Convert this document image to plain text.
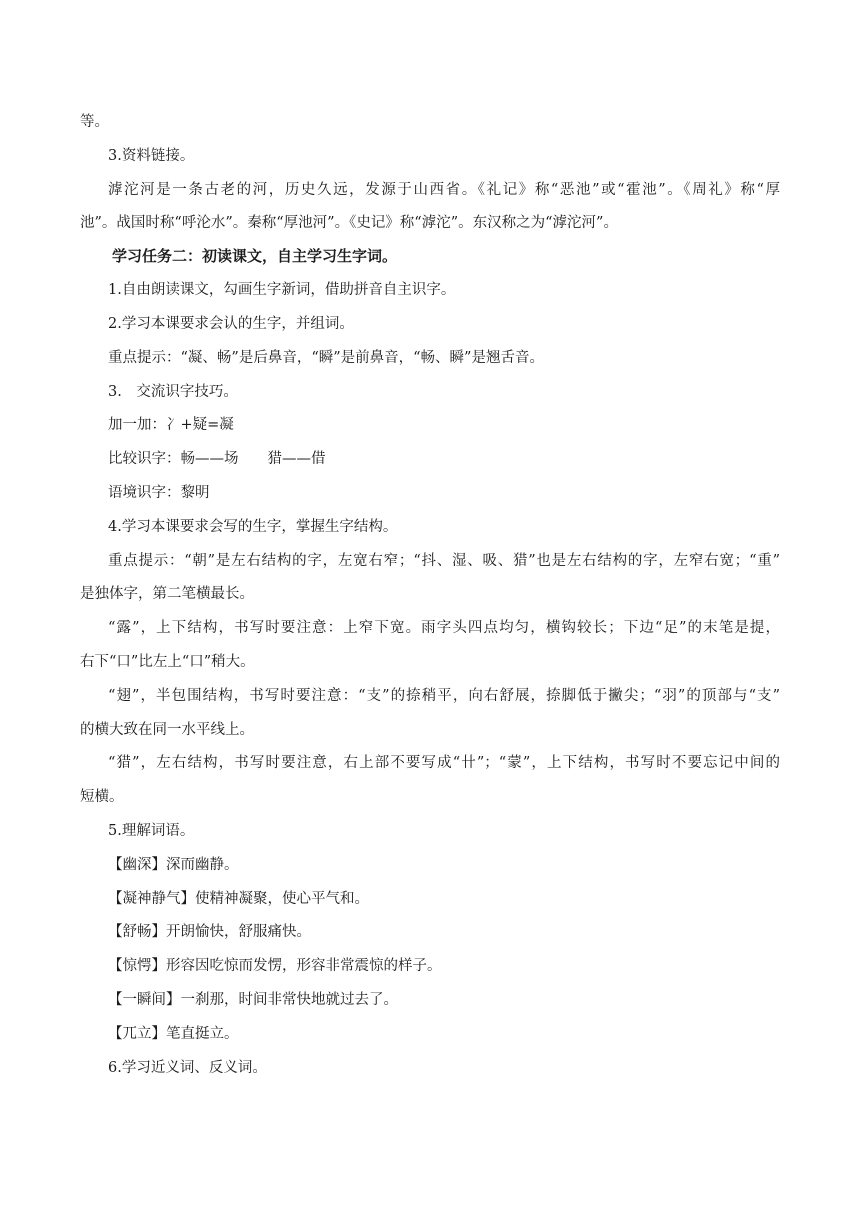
等。

3.资料链接。

滹沱河是一条古老的河，历史久远，发源于山西省。《礼记》称“恶池”或“霍池”。《周礼》称“厚

池”。战国时称“呼沦水”。秦称“厚池河”。《史记》称“滹沱”。东汉称之为“滹沱河”。

学习任务二：初读课文，自主学习生字词。

1.自由朗读课文，勾画生字新词，借助拼音自主识字。

2.学习本课要求会认的生字，并组词。

重点提示：“凝、畅”是后鼻音，“瞬”是前鼻音，“畅、瞬”是翘舌音。

3.　交流识字技巧。

加一加：冫+疑=凝

比较识字：畅——场　　猎——借

语境识字：黎明

4.学习本课要求会写的生字，掌握生字结构。

重点提示：“朝”是左右结构的字，左宽右窄；“抖、湿、吸、猎”也是左右结构的字，左窄右宽；“重”

是独体字，第二笔横最长。

“露”，上下结构，书写时要注意：上窄下宽。雨字头四点均匀，横钩较长；下边“足”的末笔是提，

右下“口”比左上“口”稍大。

“翅”，半包围结构，书写时要注意：“支”的捺稍平，向右舒展，捺脚低于撇尖；“羽”的顶部与“支”

的横大致在同一水平线上。

“猎”，左右结构，书写时要注意，右上部不要写成“卄”；“蒙”，上下结构，书写时不要忘记中间的

短横。

5.理解词语。

【幽深】深而幽静。

【凝神静气】使精神凝聚，使心平气和。

【舒畅】开朗愉快，舒服痛快。

【惊愕】形容因吃惊而发愣，形容非常震惊的样子。

【一瞬间】一刹那，时间非常快地就过去了。

【兀立】笔直挺立。

6.学习近义词、反义词。
